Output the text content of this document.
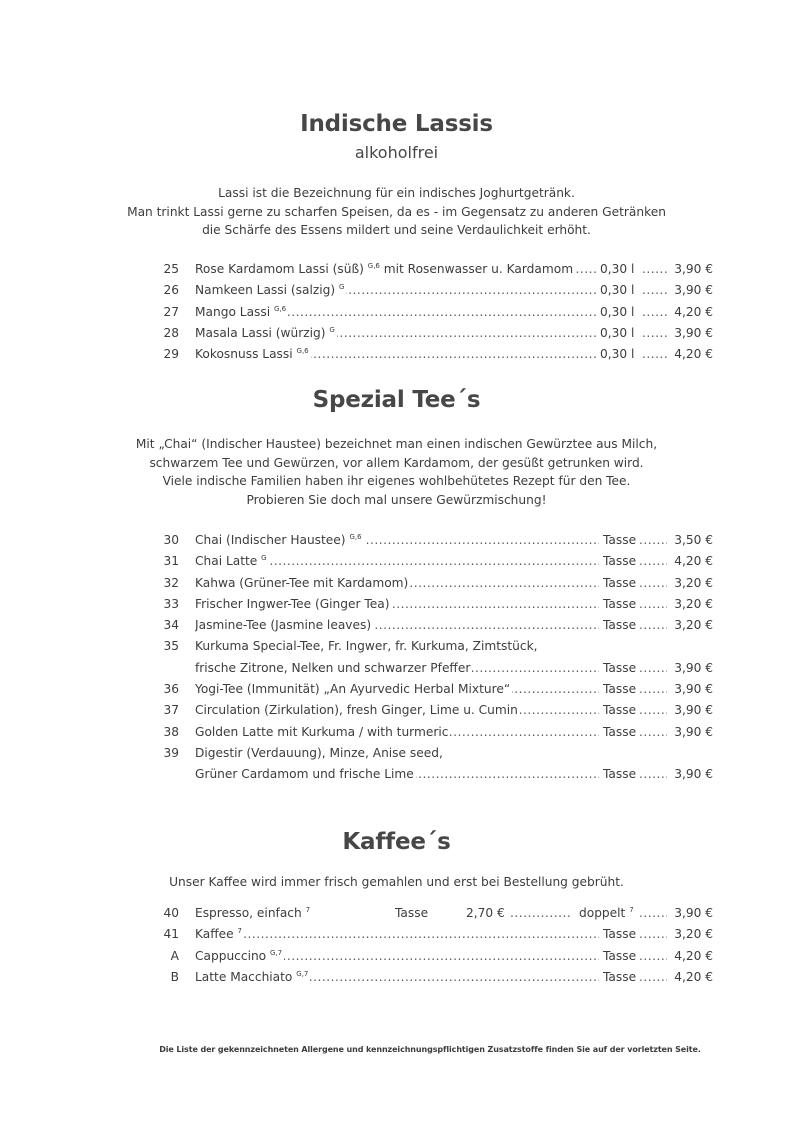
Indische Lassis
alkoholfrei
Lassi ist die Bezeichnung für ein indisches Joghurtgetränk.
Man trinkt Lassi gerne zu scharfen Speisen, da es - im Gegensatz zu anderen Getränken
die Schärfe des Essens mildert und seine Verdaulichkeit erhöht.
25 ..... Rose Kardamom Lassi (süß) $^{G,6}$ mit Rosenwasser u. Kardamom	0,30 l .....	3,90 €
26 ..... Namkeen Lassi (salzig) $^G$	0,30 l .....	3,90 €
27 ..... Mango Lassi $^{G,6}$	0,30 l .....	4,20 €
28 ..... Masala Lassi (würzig) $^G$	0,30 l .....	3,90 €
29 ..... Kokosnuss Lassi $^{G,6}$	0,30 l .....	4,20 €
Spezial Tee´s
Mit „Chai“ (Indischer Haustee) bezeichnet man einen indischen Gewürztee aus Milch,
schwarzem Tee und Gewürzen, vor allem Kardamom, der gesüßt getrunken wird.
Viele indische Familien haben ihr eigenes wohlbehütetes Rezept für den Tee.
Probieren Sie doch mal unsere Gewürzmischung!
30 ..... Chai (Indischer Haustee) $^{G,6}$	Tasse .....	3,50 €
31 ..... Chai Latte $^G$	Tasse .....	4,20 €
32 ..... Kahwa (Grüner-Tee mit Kardamom)	Tasse .....	3,20 €
33 ..... Frischer Ingwer-Tee (Ginger Tea)	Tasse .....	3,20 €
34 ..... Jasmine-Tee (Jasmine leaves)	Tasse .....	3,20 €
35 Kurkuma Special-Tee, Fr. Ingwer, fr. Kurkuma, Zimtstück,
.....
frische Zitrone, Nelken und schwarzer Pfeffer	Tasse .....	3,90 €
36 ..... Yogi-Tee (Immunität) „An Ayurvedic Herbal Mixture“	Tasse .....	3,90 €
37 ..... Circulation (Zirkulation), fresh Ginger, Lime u. Cumin	Tasse .....	3,90 €
38 ..... Golden Latte mit Kurkuma / with turmeric	Tasse .....	3,90 €
39 Digestir (Verdauung), Minze, Anise seed,
.....
Grüner Cardamom und frische Lime	Tasse .....	3,90 €
Kaffee´s
Unser Kaffee wird immer frisch gemahlen und erst bei Bestellung gebrüht.
40 Espresso, einfach $^7$	Tasse	2,70 € .....	doppelt $^7$ .....	3,90 €
41 ..... Kaffee $^7$	Tasse .....	3,20 €
A ..... Cappuccino $^{G,7}$	Tasse .....	4,20 €
B ..... Latte Macchiato $^{G,7}$	Tasse .....	4,20 €
Die Liste der gekennzeichneten Allergene und kennzeichnungspflichtigen Zusatzstoffe finden Sie auf der vorletzten Seite.
